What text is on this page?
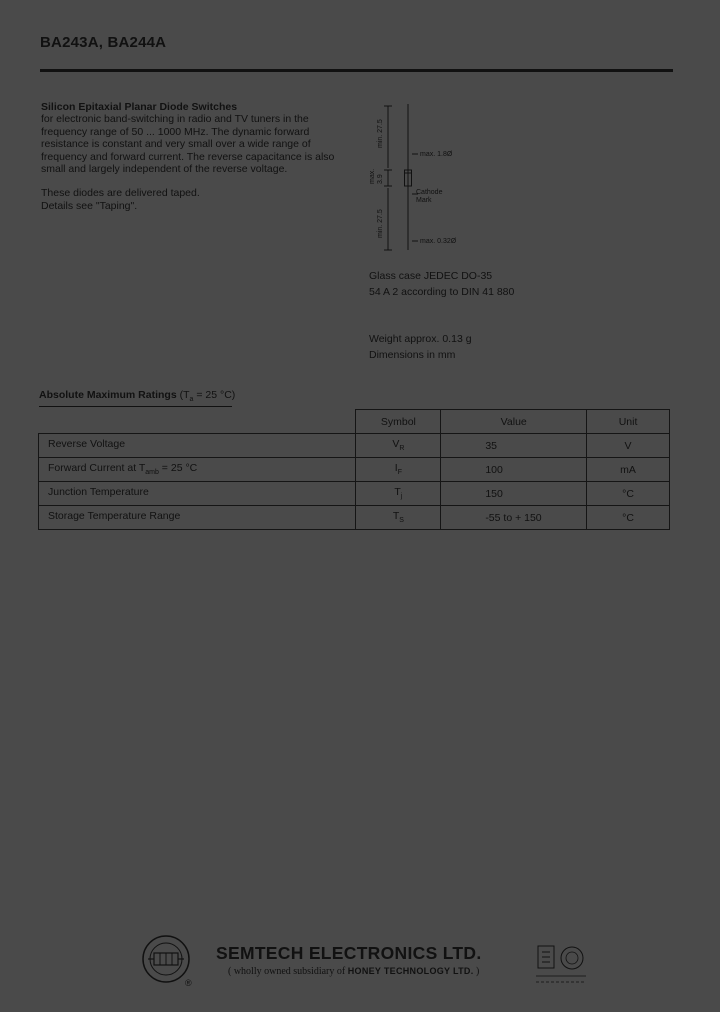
BA243A, BA244A

Silicon Epitaxial Planar Diode Switches

for electronic band-switching in radio and TV tuners in the

frequency range of 50 ... 1000 MHz. The dynamic forward

resistance is constant and very small over a wide range of

frequency and forward current. The reverse capacitance is also

small and largely independent of the reverse voltage.

These diodes are delivered taped.

Details see "Taping".

min. 27.5
3.9
max.
min. 27.5
max. 1.8Ø
Cathode
Mark
max. 0.32Ø
Glass case JEDEC DO-35
54 A 2 according to DIN 41 880
Weight approx. 0.13 g
Dimensions in mm
Absolute Maximum Ratings ($T_a = 25$ °C)
	Symbol	Value	Unit
Reverse Voltage	$V_R$	35	V
Forward Current at $T_{amb} = 25$ °C	$I_F$	100	mA
Junction Temperature	$T_j$	150	°C
Storage Temperature Range	$T_S$	-55 to + 150	°C
®
SEMTECH ELECTRONICS LTD.
( wholly owned subsidiary of HONEY TECHNOLOGY LTD. )
